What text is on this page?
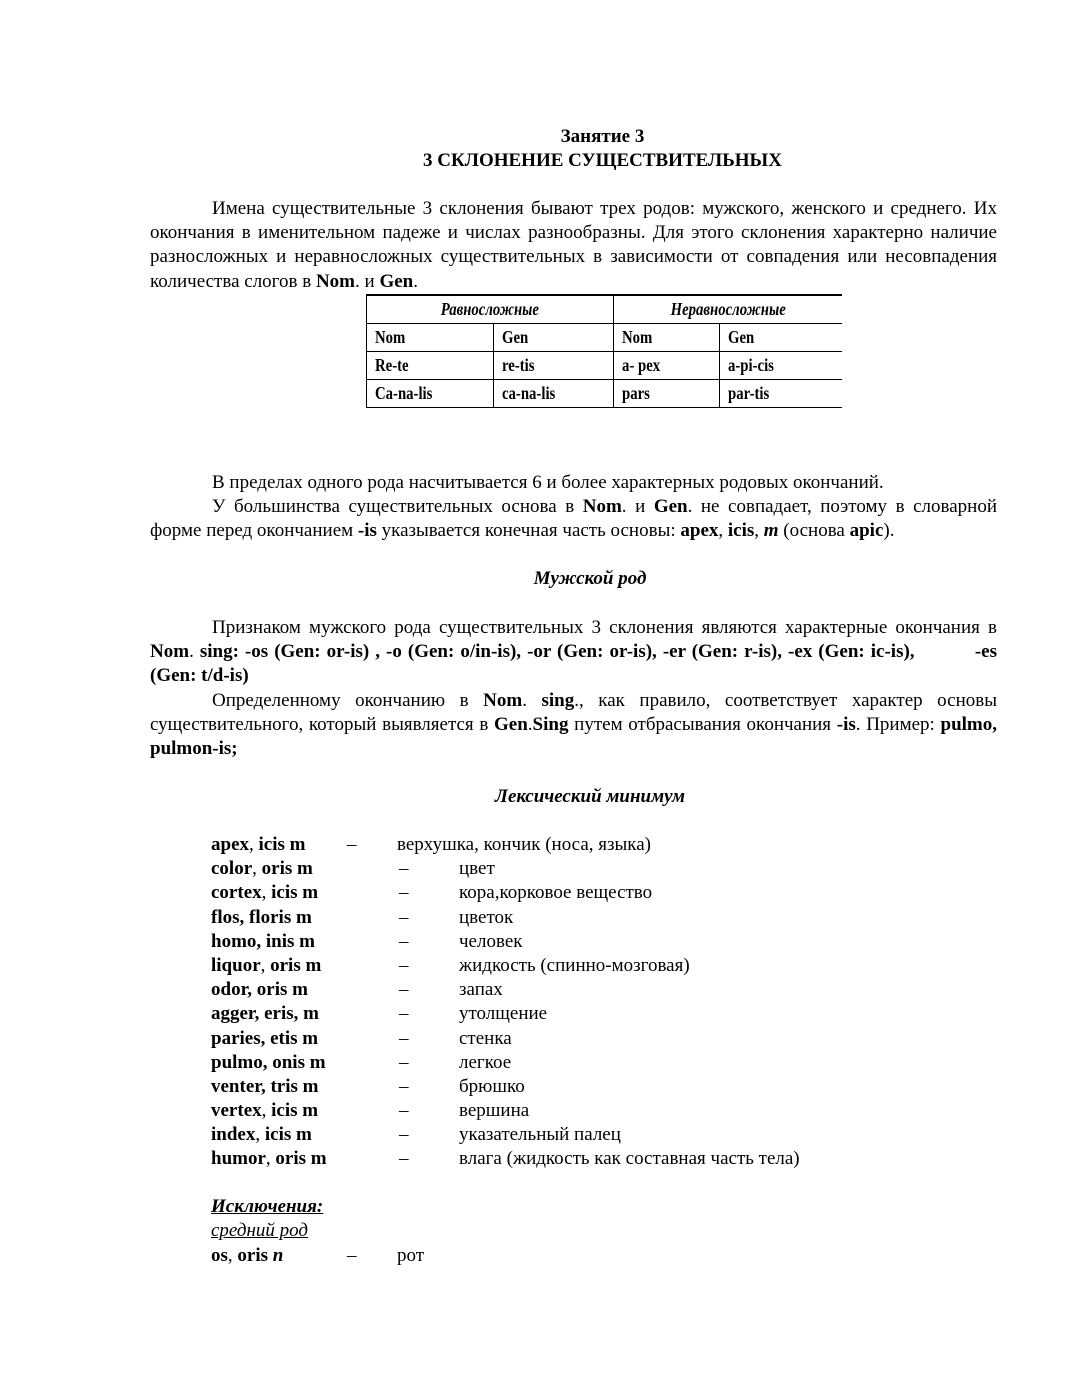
Занятие 3
3 СКЛОНЕНИЕ СУЩЕСТВИТЕЛЬНЫХ
Имена существительные 3 склонения бывают трех родов: мужского, женского и среднего. Их окончания в именительном падеже и числах разнообразны. Для этого склонения характерно наличие разносложных и неравносложных существительных в зависимости от совпадения или несовпадения количества слогов в Nom. и Gen.
Равносложные		Неравносложные	
Nom	Gen	Nom	Gen
Re-te	re-tis	a- pex	a-pi-cis
Ca-na-lis	ca-na-lis	pars	par-tis
В пределах одного рода насчитывается 6 и более характерных родовых окончаний.
У большинства существительных основа в Nom. и Gen. не совпадает, поэтому в словарной форме перед окончанием -is указывается конечная часть основы: apex, icis, m (основа apic).
Мужской род
Признаком мужского рода существительных 3 склонения являются характерные окончания в Nom. sing: -os (Gen: or-is) , -o (Gen: o/in-is), -or (Gen: or-is), -er (Gen: r-is), -ex (Gen: ic-is),	-es (Gen: t/d-is)
Определенному окончанию в Nom. sing., как правило, соответствует характер основы существительного, который выявляется в Gen.Sing путем отбрасывания окончания -is. Пример: pulmo, pulmon-is;
Лексический минимум
apex, icis m – верхушка, кончик (носа, языка)
color, oris m	–	цвет
cortex, icis m	–	кора,корковое вещество
flos, floris m	–	цветок
homo, inis m	–	человек
liquor, oris m	–	жидкость (спинно-мозговая)
odor, oris m	–	запах
agger, eris, m	–	утолщение
paries, etis m	–	стенка
pulmo, onis m	–	легкое
venter, tris m	–	брюшко
vertex, icis m	–	вершина
index, icis m	–	указательный палец
humor, oris m	–	влага (жидкость как составная часть тела)
Исключения:
средний род
os, oris n	– рот
